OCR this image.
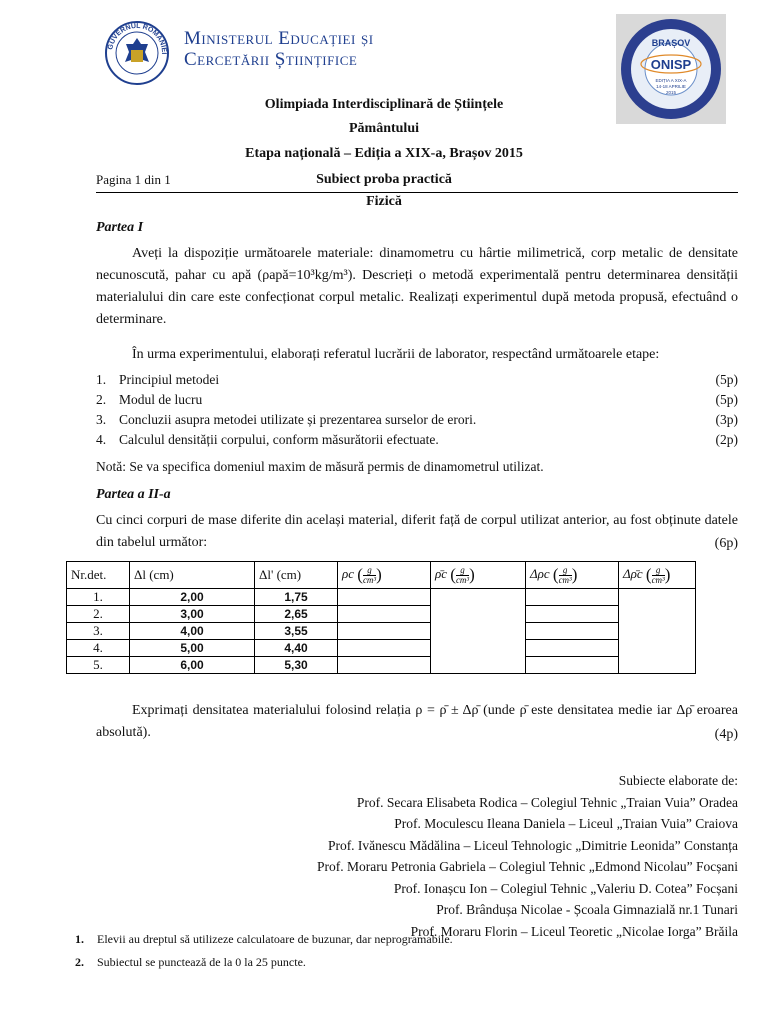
GUVERNUL ROMÂNIEI
Ministerul Educației și
Cercetării Științifice
BRAȘOV
ONISP
EDIȚIA A XIX-A
14-18 APRILIE
2015
Olimpiada Interdisciplinară de Științele
Pământului
Etapa națională – Ediția a XIX-a, Brașov 2015
Subiect proba practică
Pagina 1 din 1
Fizică
Partea I
Aveți la dispoziție următoarele materiale: dinamometru cu hârtie milimetrică, corp metalic de densitate necunoscută, pahar cu apă (ρapă=10³kg/m³). Descrieți o metodă experimentală pentru determinarea densității materialului din care este confecționat corpul metalic. Realizați experimentul după metoda propusă, efectuând o determinare.
În urma experimentului, elaborați referatul lucrării de laborator, respectând următoarele etape:
1. Principiul metodei	(5p)
2. Modul de lucru	(5p)
3. Concluzii asupra metodei utilizate și prezentarea surselor de erori.	(3p)
4. Calculul densității corpului, conform măsurătorii efectuate.	(2p)
Notă: Se va specifica domeniul maxim de măsură permis de dinamometrul utilizat.
Partea a II-a
Cu cinci corpuri de mase diferite din același material, diferit față de corpul utilizat anterior, au fost obținute datele din tabelul următor:	(6p)
Nr.det.	Δl (cm)	Δl' (cm)	ρc ( $\frac{g}{\text{cm³}}$)	ρ̄c ( $\frac{g}{\text{cm³}}$)	Δρc ( $\frac{g}{\text{cm³}}$)	Δρ̄c ( $\frac{g}{\text{cm³}}$)
1.	2,00	1,75				
2.	3,00	2,65				
3.	4,00	3,55				
4.	5,00	4,40				
5.	6,00	5,30				
Exprimați densitatea materialului folosind relația ρ = ρ̄ ± Δρ̄ (unde ρ̄ este densitatea medie iar Δρ̄ eroarea absolută).	(4p)
Subiecte elaborate de:
Prof. Secara Elisabeta Rodica – Colegiul Tehnic „Traian Vuia” Oradea
Prof. Moculescu Ileana Daniela – Liceul „Traian Vuia” Craiova
Prof. Ivănescu Mădălina – Liceul Tehnologic „Dimitrie Leonida” Constanța
Prof. Moraru Petronia Gabriela – Colegiul Tehnic „Edmond Nicolau” Focșani
Prof. Ionașcu Ion – Colegiul Tehnic „Valeriu D. Cotea” Focșani
Prof. Brândușa Nicolae - Școala Gimnazială nr.1 Tunari
Prof. Moraru Florin – Liceul Teoretic „Nicolae Iorga” Brăila
1. Elevii au dreptul să utilizeze calculatoare de buzunar, dar neprogramabile.
2. Subiectul se punctează de la 0 la 25 puncte.
